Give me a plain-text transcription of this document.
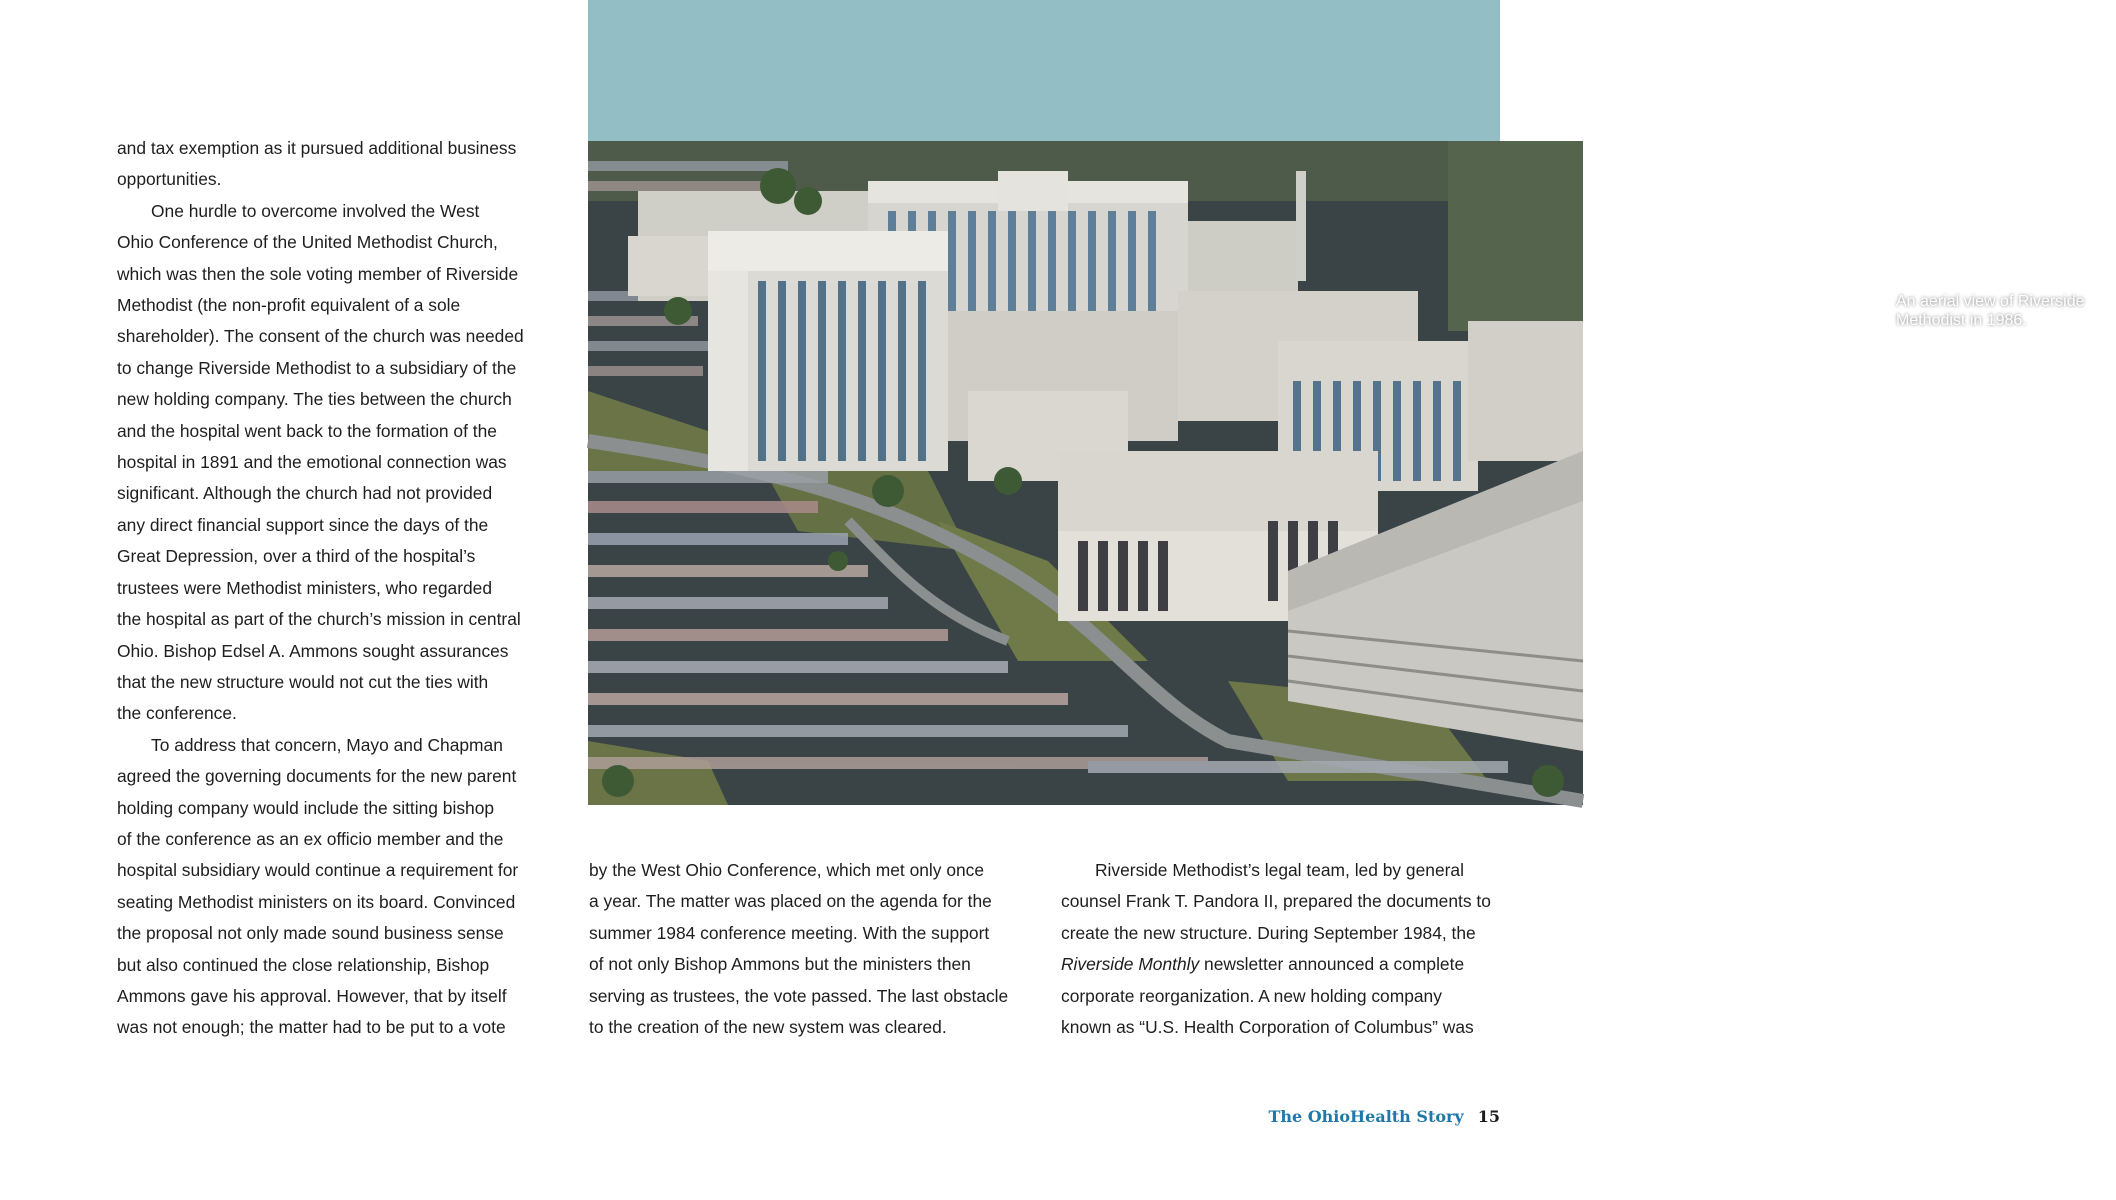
An aerial view of Riverside
Methodist in 1986.

and tax exemption as it pursued additional business

opportunities.

One hurdle to overcome involved the West

Ohio Conference of the United Methodist Church,

which was then the sole voting member of Riverside

Methodist (the non-profit equivalent of a sole

shareholder). The consent of the church was needed

to change Riverside Methodist to a subsidiary of the

new holding company. The ties between the church

and the hospital went back to the formation of the

hospital in 1891 and the emotional connection was

significant. Although the church had not provided

any direct financial support since the days of the

Great Depression, over a third of the hospital’s

trustees were Methodist ministers, who regarded

the hospital as part of the church’s mission in central

Ohio. Bishop Edsel A. Ammons sought assurances

that the new structure would not cut the ties with

the conference.

To address that concern, Mayo and Chapman

agreed the governing documents for the new parent

holding company would include the sitting bishop

of the conference as an ex officio member and the

hospital subsidiary would continue a requirement for

seating Methodist ministers on its board. Convinced

the proposal not only made sound business sense

but also continued the close relationship, Bishop

Ammons gave his approval. However, that by itself

was not enough; the matter had to be put to a vote

by the West Ohio Conference, which met only once

a year. The matter was placed on the agenda for the

summer 1984 conference meeting. With the support

of not only Bishop Ammons but the ministers then

serving as trustees, the vote passed. The last obstacle

to the creation of the new system was cleared.

Riverside Methodist’s legal team, led by general

counsel Frank T. Pandora II, prepared the documents to

create the new structure. During September 1984, the

Riverside Monthly newsletter announced a complete

corporate reorganization. A new holding company

known as “U.S. Health Corporation of Columbus” was

The OhioHealth Story 15
